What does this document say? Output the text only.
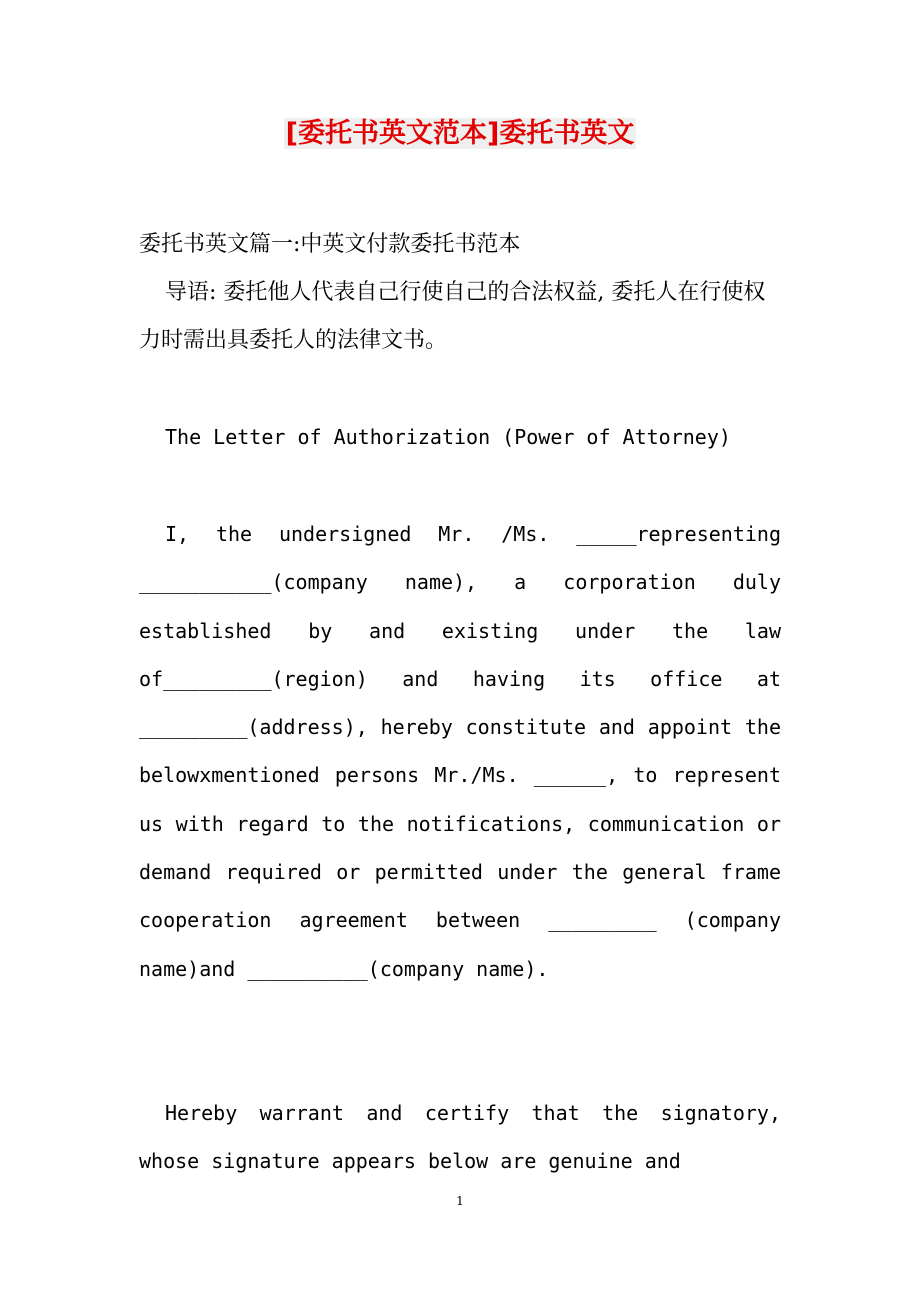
[委托书英文范本]委托书英文
委托书英文篇一:中英文付款委托书范本
导语: 委托他人代表自己行使自己的合法权益, 委托人在行使权力时需出具委托人的法律文书。
The Letter of Authorization (Power of Attorney)
I, the undersigned Mr. /Ms. _____representing ___________(company name), a corporation duly established by and existing under the law of_________(region) and having its office at _________(address), hereby constitute and appoint the belowxmentioned persons Mr./Ms. ______, to represent us with regard to the notifications, communication or demand required or permitted under the general frame cooperation agreement between _________ (company name)and __________(company name).
Hereby warrant and certify that the signatory, whose signature appears below are genuine and
1
